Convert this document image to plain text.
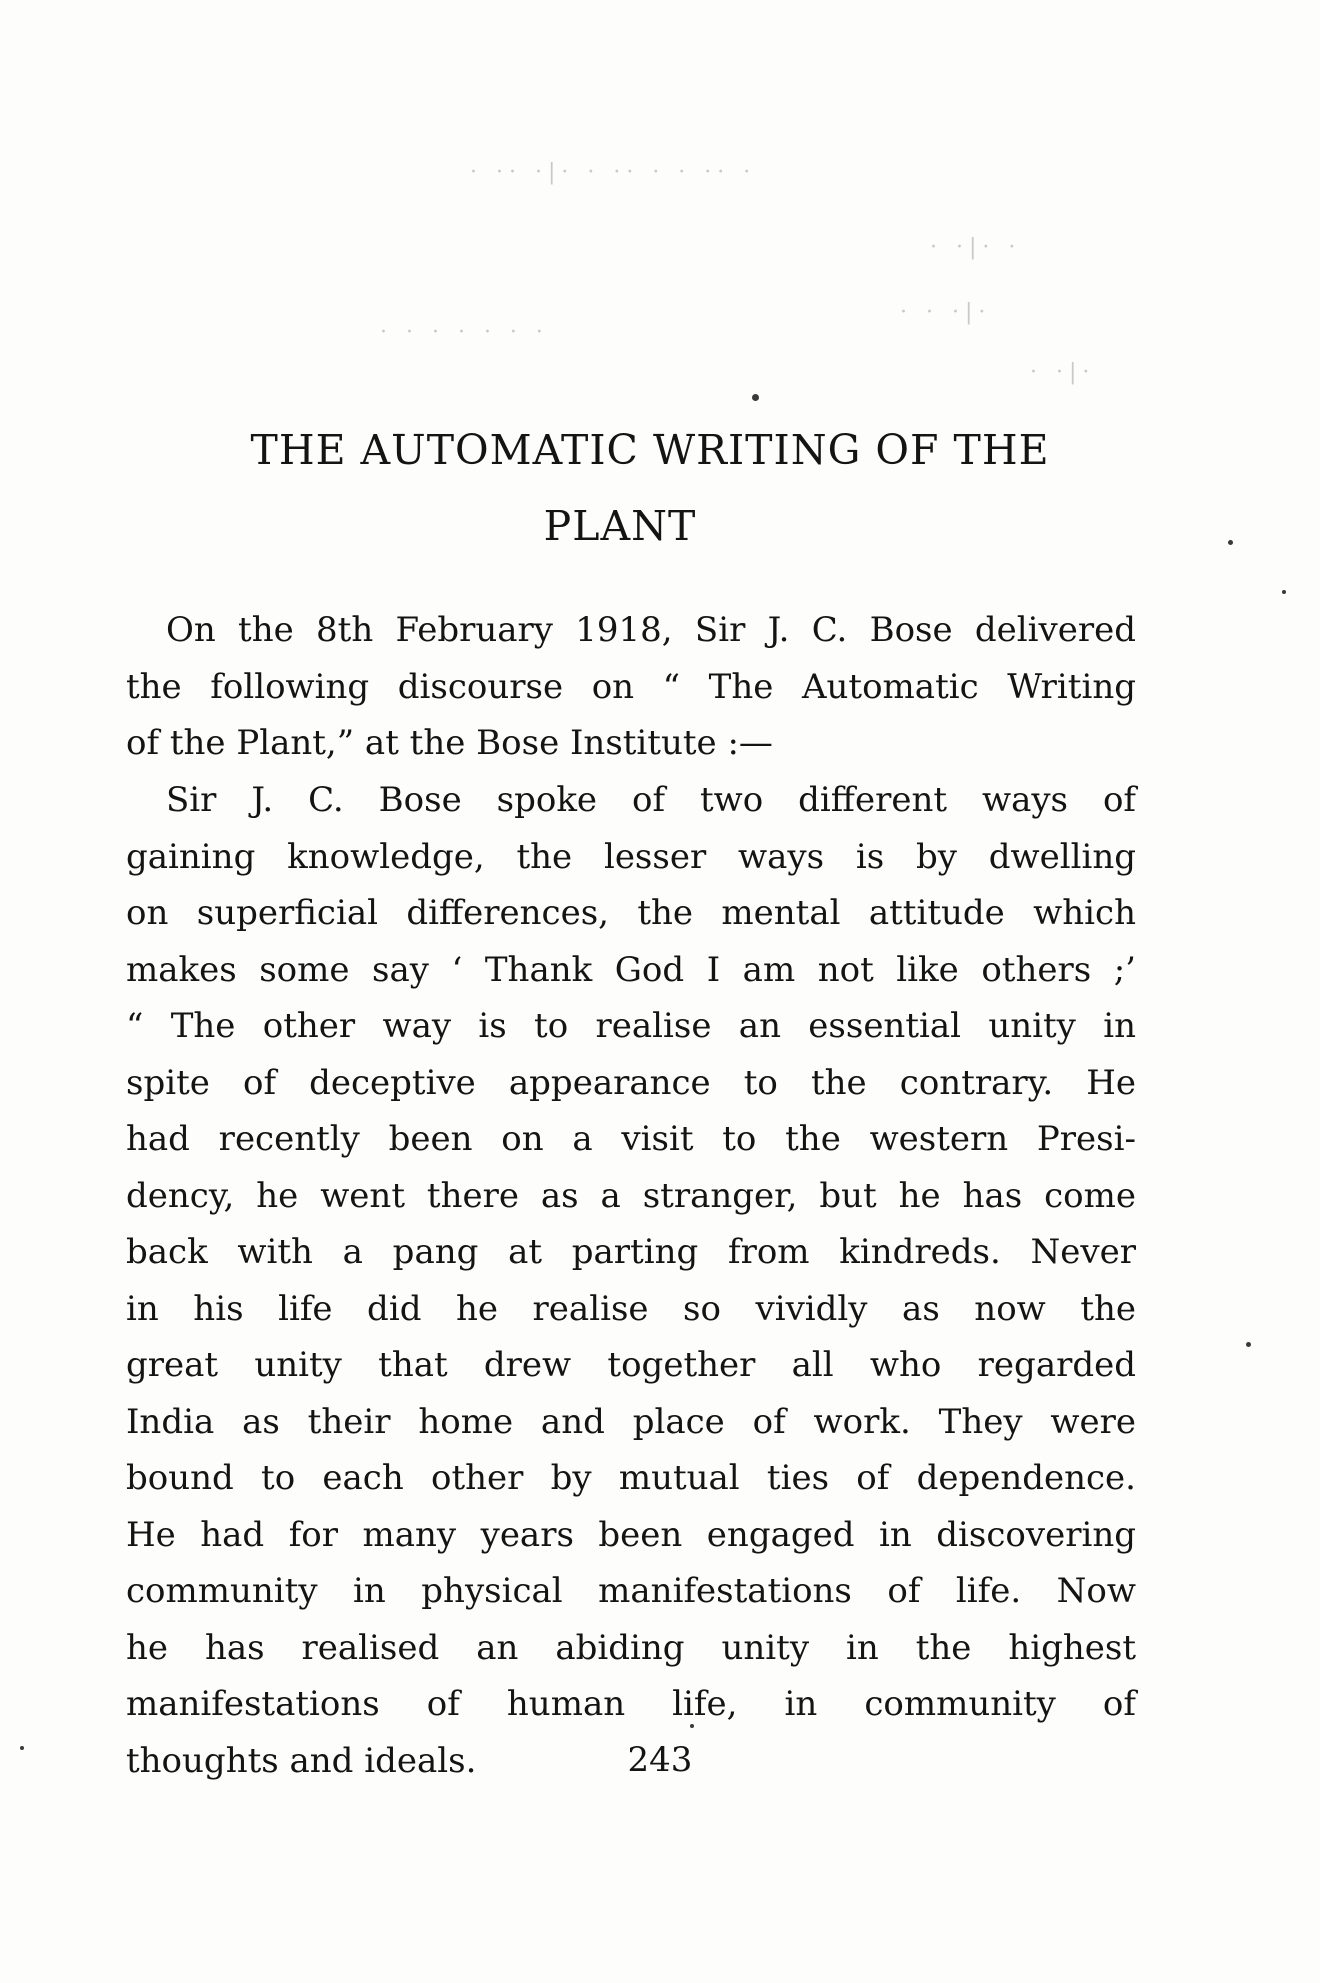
· ·· ·|· · ·· · · ·· ·
· ·|· ·
· · · · · · ·
· · ·|·
· ·|·
THE AUTOMATIC WRITING OF THE
PLANT
On the 8th February 1918, Sir J. C. Bose delivered
the following discourse on “ The Automatic Writing
of the Plant,” at the Bose Institute :—
Sir J. C. Bose spoke of two different ways of
gaining knowledge, the lesser ways is by dwelling
on superficial differences, the mental attitude which
makes some say ‘ Thank God I am not like others ;’
“ The other way is to realise an essential unity in
spite of deceptive appearance to the contrary. He
had recently been on a visit to the western Presi-
dency, he went there as a stranger, but he has come
back with a pang at parting from kindreds. Never
in his life did he realise so vividly as now the
great unity that drew together all who regarded
India as their home and place of work. They were
bound to each other by mutual ties of dependence.
He had for many years been engaged in discovering
community in physical manifestations of life. Now
he has realised an abiding unity in the highest
manifestations of human life, in community of
thoughts and ideals.	243
